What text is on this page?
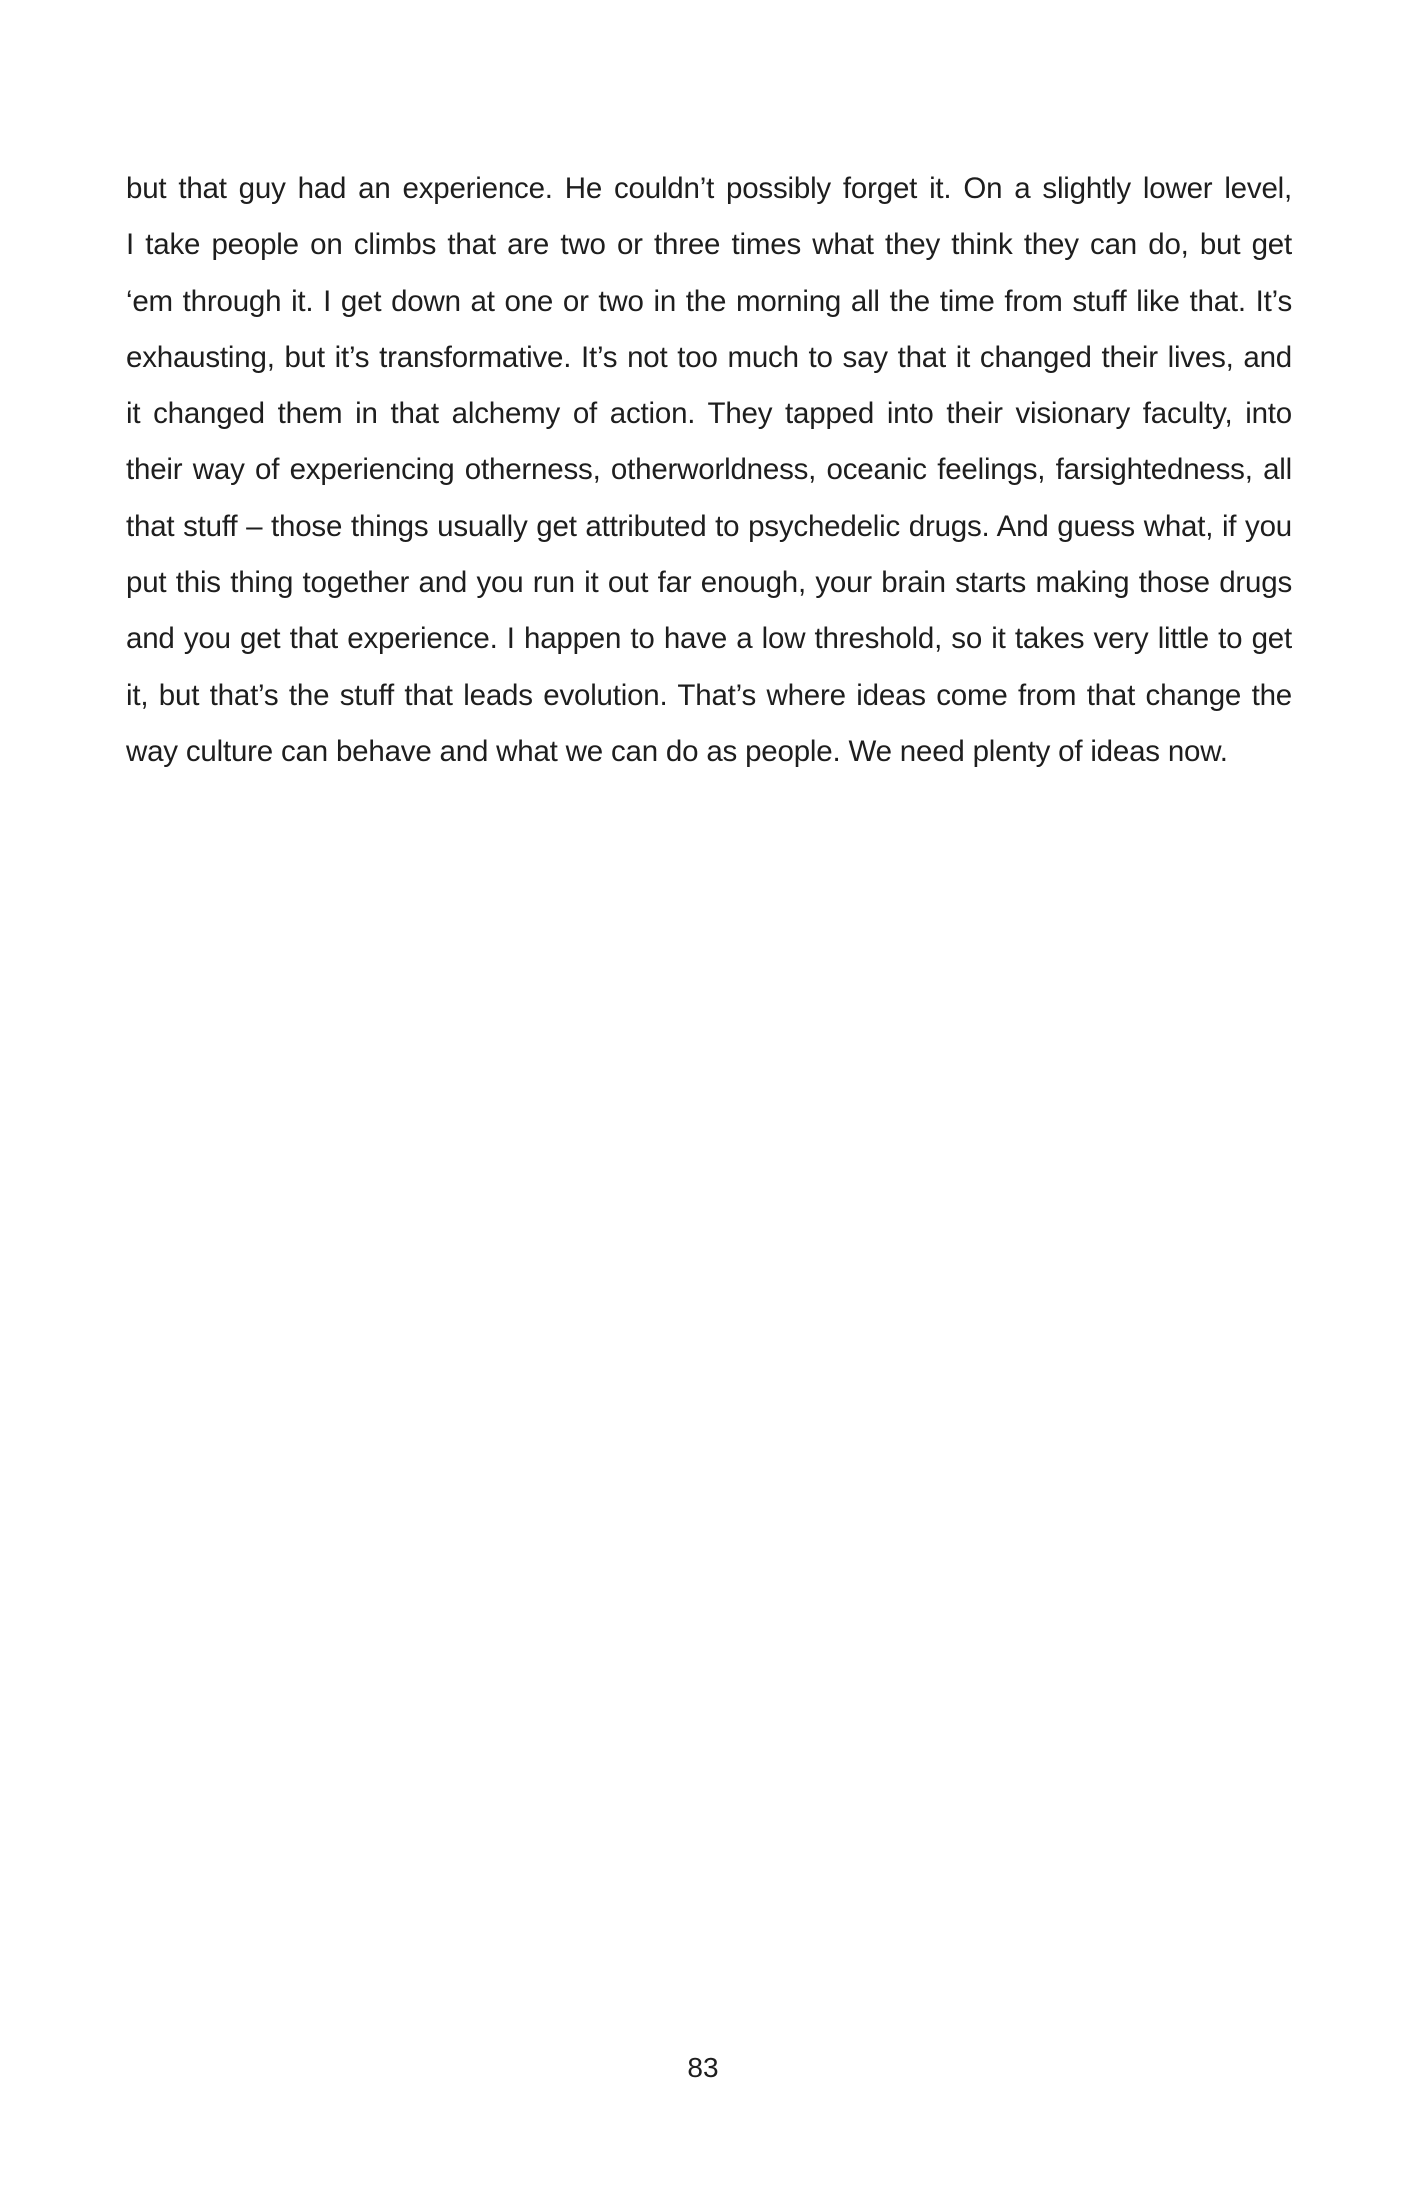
but that guy had an experience. He couldn’t possibly forget it. On a slightly lower level,
I take people on climbs that are two or three times what they think they can do, but get
‘em through it. I get down at one or two in the morning all the time from stuff like that. It’s
exhausting, but it’s transformative. It’s not too much to say that it changed their lives, and
it changed them in that alchemy of action. They tapped into their visionary faculty, into
their way of experiencing otherness, otherworldness, oceanic feelings, farsightedness, all
that stuff – those things usually get attributed to psychedelic drugs. And guess what, if you
put this thing together and you run it out far enough, your brain starts making those drugs
and you get that experience. I happen to have a low threshold, so it takes very little to get
it, but that’s the stuff that leads evolution. That’s where ideas come from that change the
way culture can behave and what we can do as people. We need plenty of ideas now.
83
